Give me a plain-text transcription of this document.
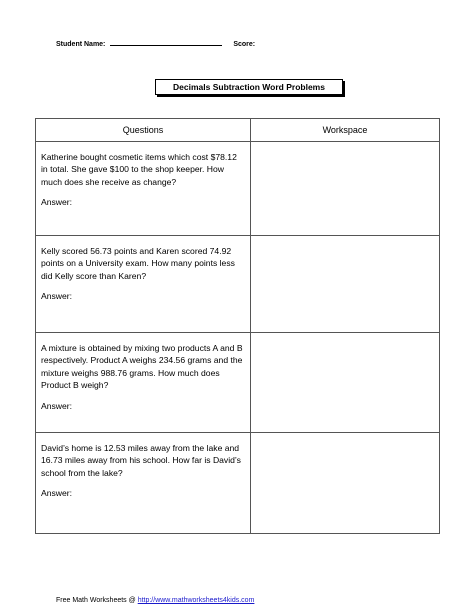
Student Name:	Score:
Decimals Subtraction Word Problems
Questions	Workspace

Katherine bought cosmetic items which cost $78.12 in total. She gave $100 to the shop keeper. How much does she receive as change?

Answer:	

Kelly scored 56.73 points and Karen scored 74.92 points on a University exam. How many points less did Kelly score than Karen?

Answer:	

A mixture is obtained by mixing two products A and B respectively. Product A weighs 234.56 grams and the mixture weighs 988.76 grams. How much does Product B weigh?

Answer:	

David’s home is 12.53 miles away from the lake and 16.73 miles away from his school. How far is David’s school from the lake?

Answer:	

Free Math Worksheets @ http://www.mathworksheets4kids.com
